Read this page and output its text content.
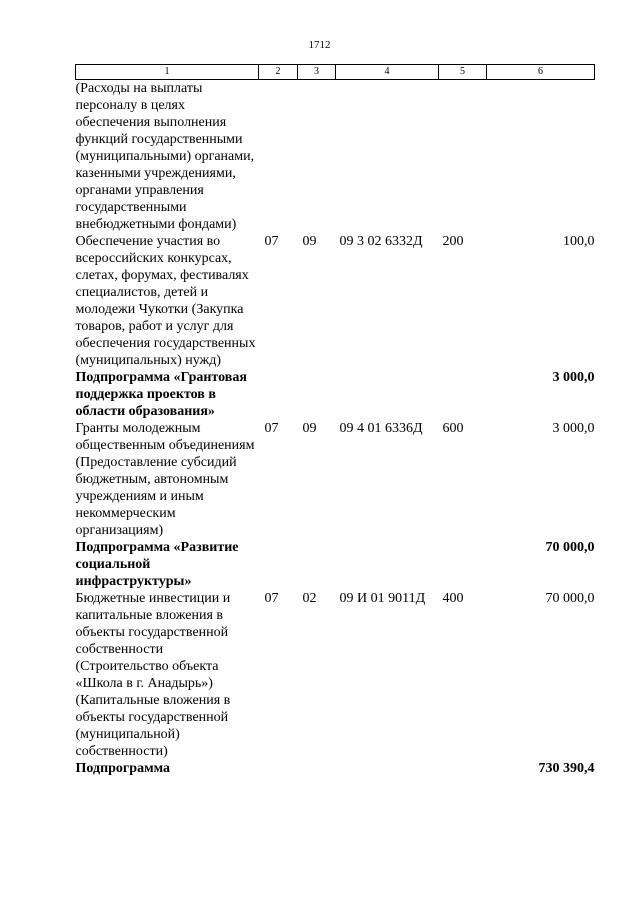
1712
1	2	3	4	5	6
(Расходы на выплаты персоналу в целях обеспечения выполнения функций государственными (муниципальными) органами, казенными учреждениями, органами управления государственными внебюджетными фондами)					
Обеспечение участия во всероссийских конкурсах, слетах, форумах, фестивалях специалистов, детей и молодежи Чукотки (Закупка товаров, работ и услуг для обеспечения государственных (муниципальных) нужд)	07	09	09 3 02 6332Д	200	100,0
Подпрограмма «Грантовая поддержка проектов в области образования»					3 000,0
Гранты молодежным общественным объединениям (Предоставление субсидий бюджетным, автономным учреждениям и иным некоммерческим организациям)	07	09	09 4 01 6336Д	600	3 000,0
Подпрограмма «Развитие социальной инфраструктуры»					70 000,0
Бюджетные инвестиции и капитальные вложения в объекты государственной собственности (Строительство объекта «Школа в г. Анадырь») (Капитальные вложения в объекты государственной (муниципальной) собственности)	07	02	09 И 01 9011Д	400	70 000,0
Подпрограмма					730 390,4
